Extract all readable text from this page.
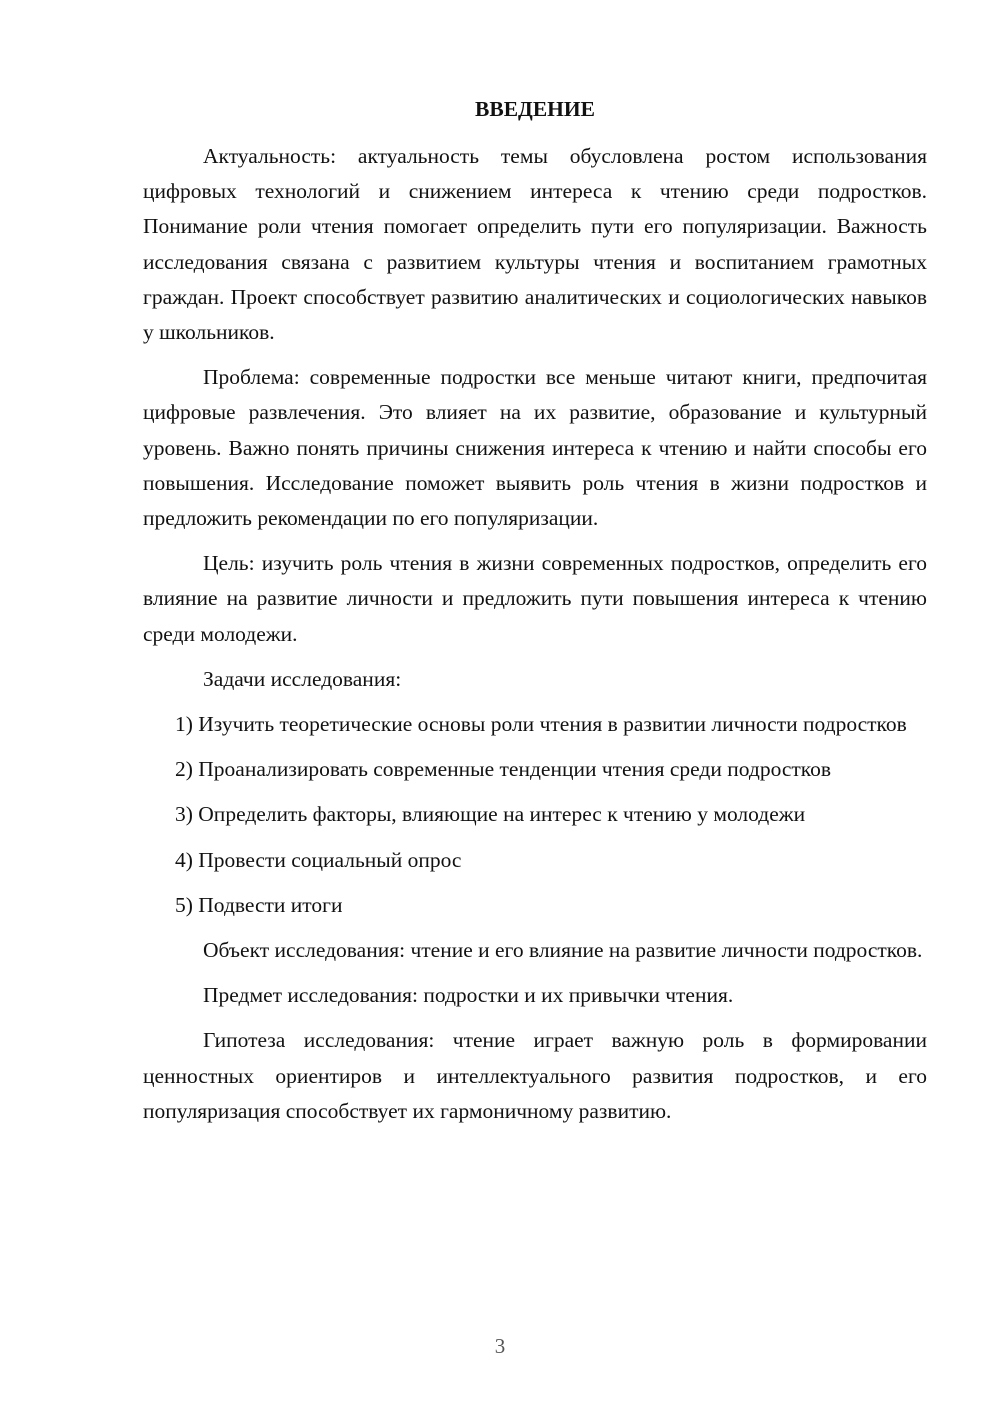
ВВЕДЕНИЕ

Актуальность: актуальность темы обусловлена ростом использования цифровых технологий и снижением интереса к чтению среди подростков. Понимание роли чтения помогает определить пути его популяризации. Важность исследования связана с развитием культуры чтения и воспитанием грамотных граждан. Проект способствует развитию аналитических и социологических навыков у школьников.

Проблема: современные подростки все меньше читают книги, предпочитая цифровые развлечения. Это влияет на их развитие, образование и культурный уровень. Важно понять причины снижения интереса к чтению и найти способы его повышения. Исследование поможет выявить роль чтения в жизни подростков и предложить рекомендации по его популяризации.

Цель: изучить роль чтения в жизни современных подростков, определить его влияние на развитие личности и предложить пути повышения интереса к чтению среди молодежи.

Задачи исследования:

1) Изучить теоретические основы роли чтения в развитии личности подростков

2) Проанализировать современные тенденции чтения среди подростков

3) Определить факторы, влияющие на интерес к чтению у молодежи

4) Провести социальный опрос

5) Подвести итоги

Объект исследования: чтение и его влияние на развитие личности подростков.

Предмет исследования: подростки и их привычки чтения.

Гипотеза исследования: чтение играет важную роль в формировании ценностных ориентиров и интеллектуального развития подростков, и его популяризация способствует их гармоничному развитию.

3
